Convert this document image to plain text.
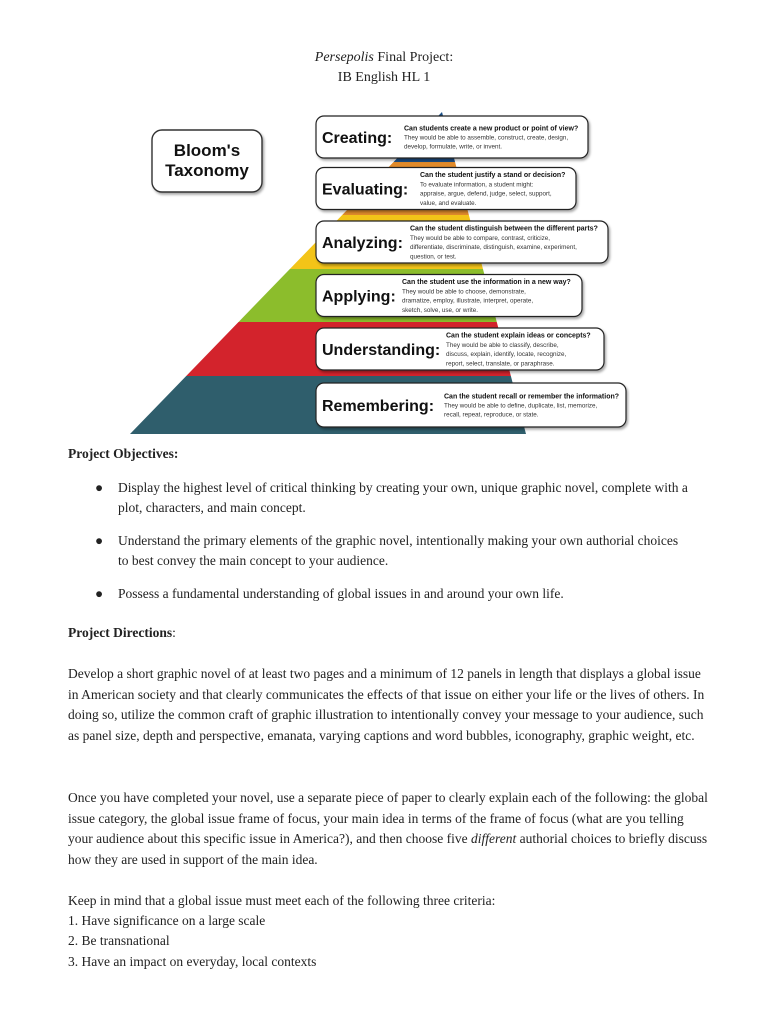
Persepolis Final Project:
IB English HL 1
Creating:
Can students create a new product or point of view?
They would be able to assemble, construct, create, design,
develop, formulate, write, or invent.
Evaluating:
Can the student justify a stand or decision?
To evaluate information, a student might:
appraise, argue, defend, judge, select, support,
value, and evaluate.
Analyzing:
Can the student distinguish between the different parts?
They would be able to compare, contrast, criticize,
differentiate, discriminate, distinguish, examine, experiment,
question, or test.
Applying:
Can the student use the information in a new way?
They would be able to choose, demonstrate,
dramatize, employ, illustrate, interpret, operate,
sketch, solve, use, or write.
Understanding:
Can the student explain ideas or concepts?
They would be able to classify, describe,
discuss, explain, identify, locate, recognize,
report, select, translate, or paraphrase.
Remembering:
Can the student recall or remember the information?
They would be able to define, duplicate, list, memorize,
recall, repeat, reproduce, or state.
Bloom's
Taxonomy
Project Objectives:
● Display the highest level of critical thinking by creating your own, unique graphic novel, complete with a plot, characters, and main concept.
● Understand the primary elements of the graphic novel, intentionally making your own authorial choices to best convey the main concept to your audience.
● Possess a fundamental understanding of global issues in and around your own life.
Project Directions:

Develop a short graphic novel of at least two pages and a minimum of 12 panels in length that displays a global issue in American society and that clearly communicates the effects of that issue on either your life or the lives of others. In doing so, utilize the common craft of graphic illustration to intentionally convey your message to your audience, such as panel size, depth and perspective, emanata, varying captions and word bubbles, iconography, graphic weight, etc.

Once you have completed your novel, use a separate piece of paper to clearly explain each of the following: the global issue category, the global issue frame of focus, your main idea in terms of the frame of focus (what are you telling your audience about this specific issue in America?), and then choose five different authorial choices to briefly discuss how they are used in support of the main idea.

Keep in mind that a global issue must meet each of the following three criteria:
1. Have significance on a large scale
2. Be transnational
3. Have an impact on everyday, local contexts
